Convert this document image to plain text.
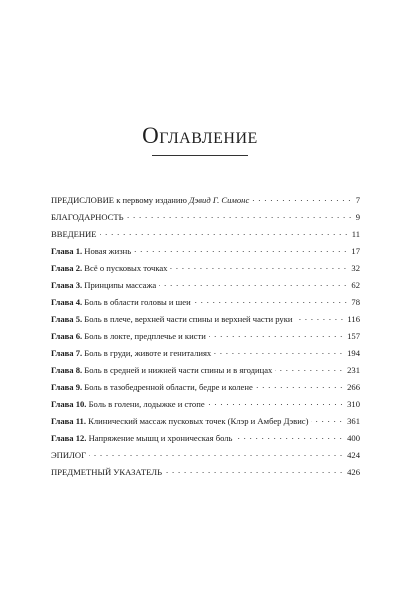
Оглавление
ПРЕДИСЛОВИЕ к первому изданию Дэвид Г. Симонс	7
БЛАГОДАРНОСТЬ	9
ВВЕДЕНИЕ	11
Глава 1. Новая жизнь	17
Глава 2. Всё о пусковых точках	32
Глава 3. Принципы массажа	62
Глава 4. Боль в области головы и шеи	78
Глава 5. Боль в плече, верхней части спины и верхней части руки	116
Глава 6. Боль в локте, предплечье и кисти	157
Глава 7. Боль в груди, животе и гениталиях	194
Глава 8. Боль в средней и нижней части спины и в ягодицах	231
Глава 9. Боль в тазобедренной области, бедре и колене	266
Глава 10. Боль в голени, лодыжке и стопе	310
Глава 11. Клинический массаж пусковых точек (Клэр и Амбер Дэвис)	361
Глава 12. Напряжение мышц и хроническая боль	400
ЭПИЛОГ	424
ПРЕДМЕТНЫЙ УКАЗАТЕЛЬ	426
